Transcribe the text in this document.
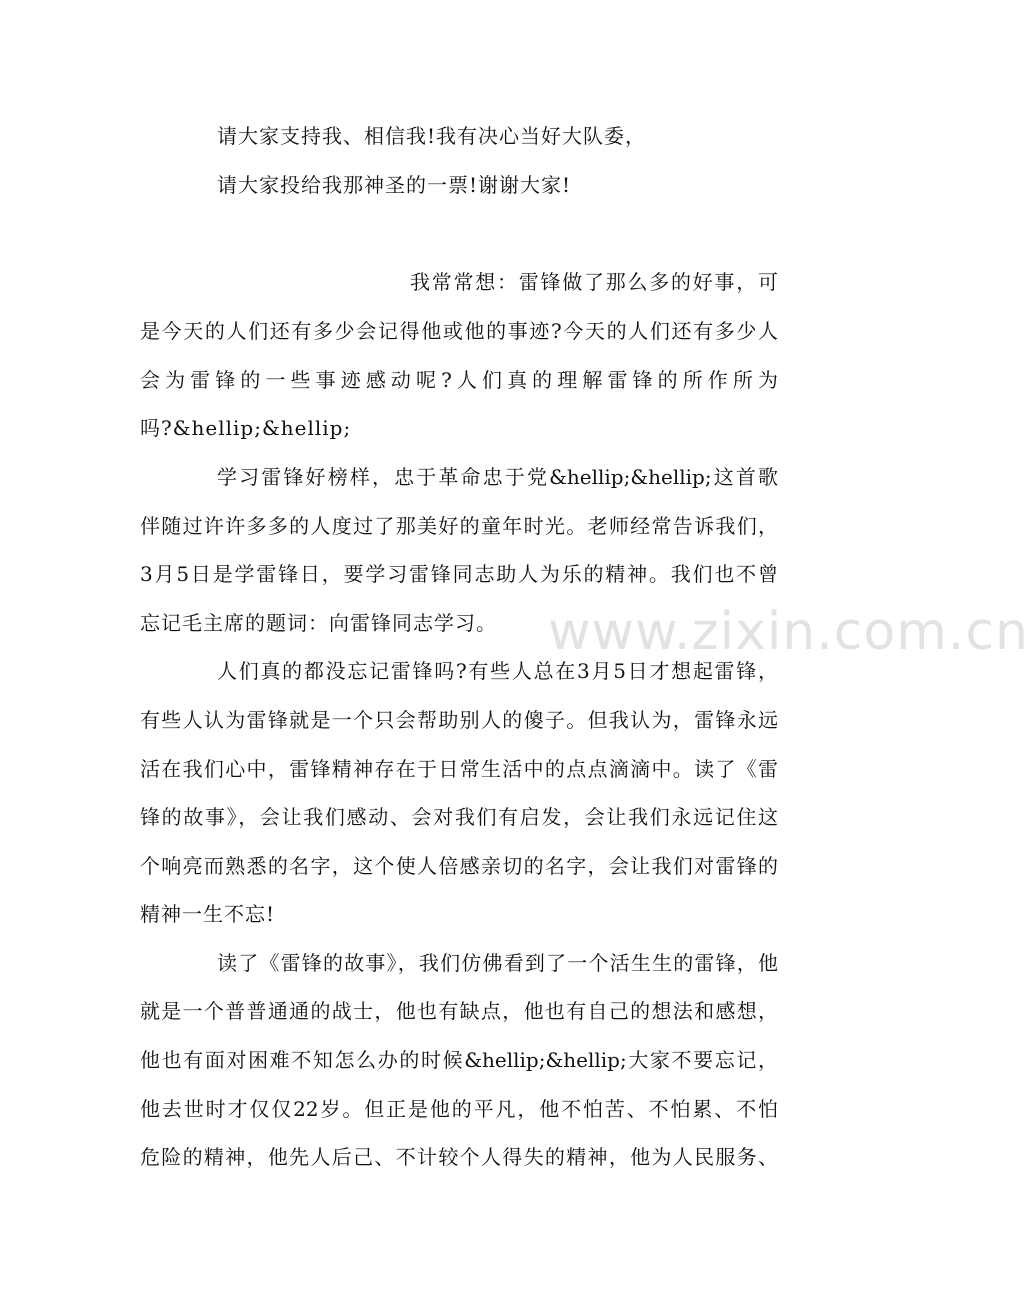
请大家支持我、相信我!我有决心当好大队委，
请大家投给我那神圣的一票!谢谢大家!
我常常想：雷锋做了那么多的好事，可
是今天的人们还有多少会记得他或他的事迹?今天的人们还有多少人
会为雷锋的一些事迹感动呢?人们真的理解雷锋的所作所为
吗?&hellip;&hellip;
学习雷锋好榜样，忠于革命忠于党&hellip;&hellip;这首歌
伴随过许许多多的人度过了那美好的童年时光。老师经常告诉我们，
3月5日是学雷锋日，要学习雷锋同志助人为乐的精神。我们也不曾
忘记毛主席的题词：向雷锋同志学习。
人们真的都没忘记雷锋吗?有些人总在3月5日才想起雷锋，
有些人认为雷锋就是一个只会帮助别人的傻子。但我认为，雷锋永远
活在我们心中，雷锋精神存在于日常生活中的点点滴滴中。读了《雷
锋的故事》，会让我们感动、会对我们有启发，会让我们永远记住这
个响亮而熟悉的名字，这个使人倍感亲切的名字，会让我们对雷锋的
精神一生不忘!
读了《雷锋的故事》，我们仿佛看到了一个活生生的雷锋，他
就是一个普普通通的战士，他也有缺点，他也有自己的想法和感想，
他也有面对困难不知怎么办的时候&hellip;&hellip;大家不要忘记，
他去世时才仅仅22岁。但正是他的平凡，他不怕苦、不怕累、不怕
危险的精神，他先人后己、不计较个人得失的精神，他为人民服务、
www.zixin.com.cn
